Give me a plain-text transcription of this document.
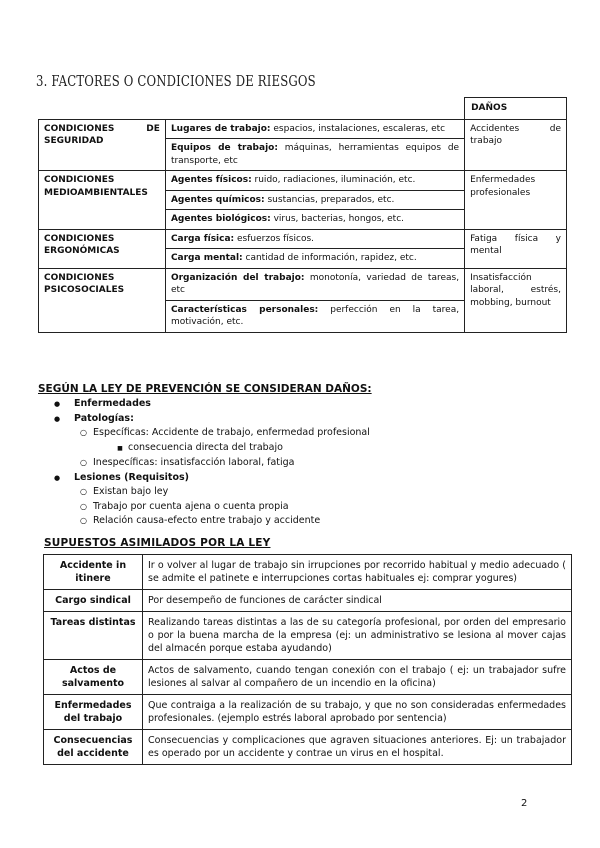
3. FACTORES O CONDICIONES DE RIESGOS
		DAÑOS
CONDICIONES DE SEGURIDAD	Lugares de trabajo: espacios, instalaciones, escaleras, etc	Accidentes de trabajo
	Equipos de trabajo: máquinas, herramientas equipos de transporte, etc	
CONDICIONES MEDIOAMBIENTALES	Agentes físicos: ruido, radiaciones, iluminación, etc.	Enfermedades profesionales
	Agentes químicos: sustancias, preparados, etc.	
	Agentes biológicos: virus, bacterias, hongos, etc.	
CONDICIONES ERGONÓMICAS	Carga física: esfuerzos físicos.	Fatiga física y mental
	Carga mental: cantidad de información, rapidez, etc.	
CONDICIONES PSICOSOCIALES	Organización del trabajo: monotonía, variedad de tareas, etc	Insatisfacción laboral, estrés, mobbing, burnout
	Características personales: perfección en la tarea, motivación, etc.	
SEGÚN LA LEY DE PREVENCIÓN SE CONSIDERAN DAÑOS:
● Enfermedades
● Patologías:
○ Específicas: Accidente de trabajo, enfermedad profesional
■ consecuencia directa del trabajo
○ Inespecíficas: insatisfacción laboral, fatiga
● Lesiones (Requisitos)
○ Existan bajo ley
○ Trabajo por cuenta ajena o cuenta propia
○ Relación causa-efecto entre trabajo y accidente
SUPUESTOS ASIMILADOS POR LA LEY
Accidente in itinere	Ir o volver al lugar de trabajo sin irrupciones por recorrido habitual y medio adecuado ( se admite el patinete e interrupciones cortas habituales ej: comprar yogures)
Cargo sindical	Por desempeño de funciones de carácter sindical
Tareas distintas	Realizando tareas distintas a las de su categoría profesional, por orden del empresario o por la buena marcha de la empresa (ej: un administrativo se lesiona al mover cajas del almacén porque estaba ayudando)
Actos de salvamento	Actos de salvamento, cuando tengan conexión con el trabajo ( ej: un trabajador sufre lesiones al salvar al compañero de un incendio en la oficina)
Enfermedades del trabajo	Que contraiga a la realización de su trabajo, y que no son consideradas enfermedades profesionales. (ejemplo estrés laboral aprobado por sentencia)
Consecuencias del accidente	Consecuencias y complicaciones que agraven situaciones anteriores. Ej: un trabajador es operado por un accidente y contrae un virus en el hospital.
2
